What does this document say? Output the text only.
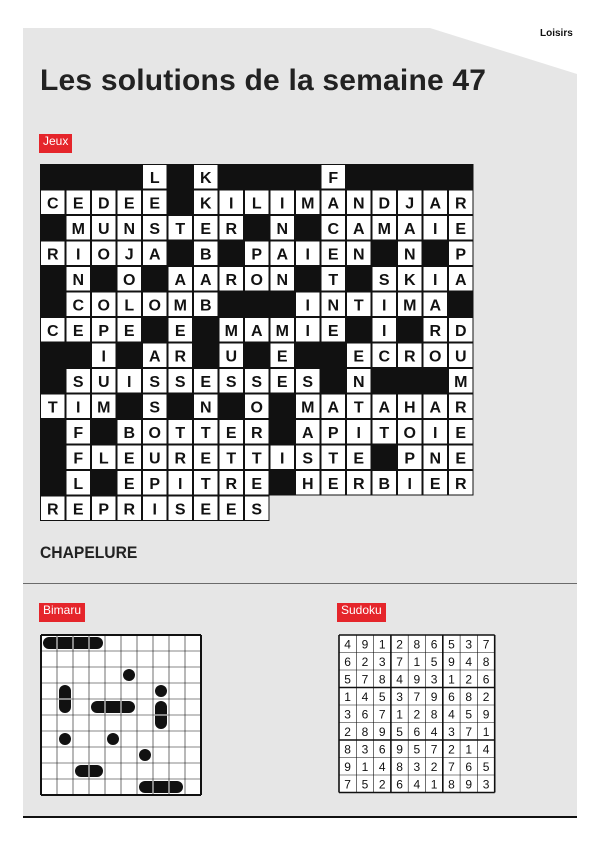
Loisirs
Les solutions de la semaine 47
Jeux
L	K	F
C E D E E K I L I M A N D J A R
M U N S T E R N C A M A I E
R I O J A B P A I E N N P
N O A A R O N	T	S K I A
C O L O M B	I N T I M A
C E P E	E M A M I E	I	R D
I	A R U E	E C R O U
S U I S S E S S E S N	M
T I M S N O M A T A H A R
F	B O T T E R A P I T O I E
F L E U R E T T I S T E	P N E
L	E P I T R E H E R B I E R
R E P R I S E E S
CHAPELURE
Bimaru	Sudoku
4 9 1 2 8 6 5 3 7
6 2 3 7 1 5 9 4 8
5 7 8 4 9 3 1 2 6
1 4 5 3 7 9 6 8 2
3 6 7 1 2 8 4 5 9
2 8 9 5 6 4 3 7 1
8 3 6 9 5 7 2 1 4
9 1 4 8 3 2 7 6 5
7 5 2 6 4 1 8 9 3
